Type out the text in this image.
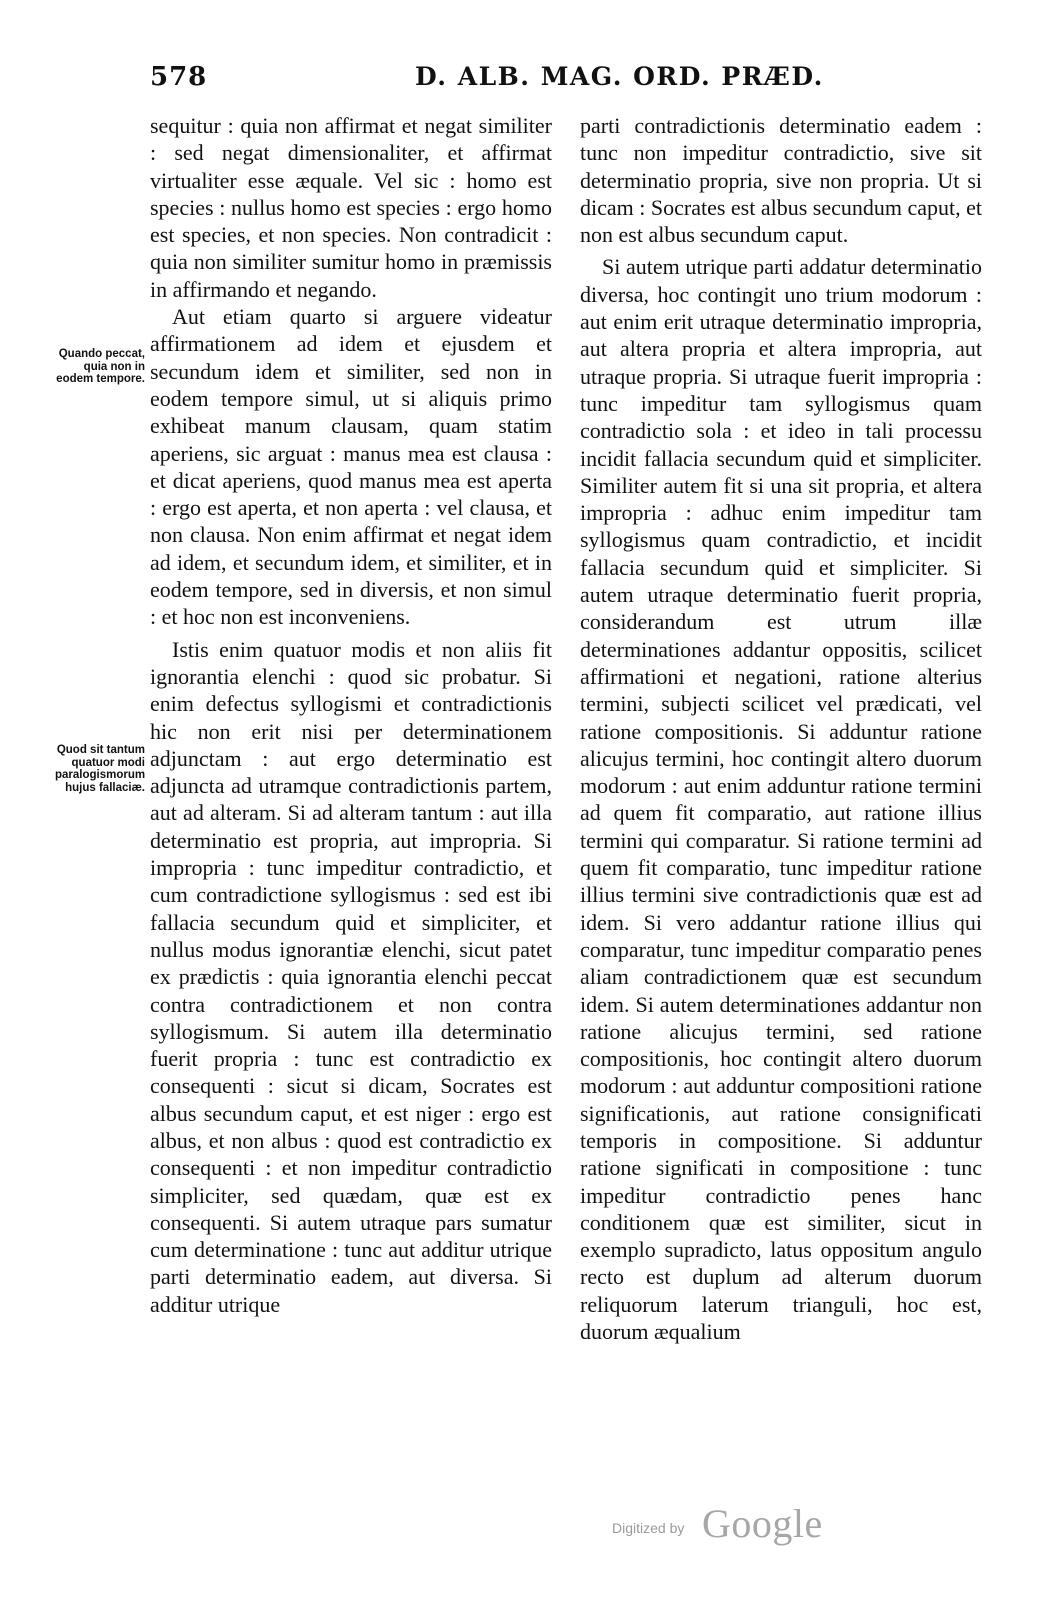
578	D. ALB. MAG. ORD. PRÆD.
Quando peccat, quia non in eodem tempore.
Quod sit tantum quatuor modi paralogismorum hujus fallaciæ.

sequitur : quia non affirmat et negat similiter : sed negat dimensionaliter, et affirmat virtualiter esse æquale. Vel sic : homo est species : nullus homo est species : ergo homo est species, et non species. Non contradicit : quia non similiter sumitur homo in præmissis in affirmando et negando.

Aut etiam quarto si arguere videatur affirmationem ad idem et ejusdem et secundum idem et similiter, sed non in eodem tempore simul, ut si aliquis primo exhibeat manum clausam, quam statim aperiens, sic arguat : manus mea est clausa : et dicat aperiens, quod manus mea est aperta : ergo est aperta, et non aperta : vel clausa, et non clausa. Non enim affirmat et negat idem ad idem, et secundum idem, et similiter, et in eodem tempore, sed in diversis, et non simul : et hoc non est inconveniens.

Istis enim quatuor modis et non aliis fit ignorantia elenchi : quod sic probatur. Si enim defectus syllogismi et contradictionis hic non erit nisi per determinationem adjunctam : aut ergo determinatio est adjuncta ad utramque contradictionis partem, aut ad alteram. Si ad alteram tantum : aut illa determinatio est propria, aut impropria. Si impropria : tunc impeditur contradictio, et cum contradictione syllogismus : sed est ibi fallacia secundum quid et simpliciter, et nullus modus ignorantiæ elenchi, sicut patet ex prædictis : quia ignorantia elenchi peccat contra contradictionem et non contra syllogismum. Si autem illa determinatio fuerit propria : tunc est contradictio ex consequenti : sicut si dicam, Socrates est albus secundum caput, et est niger : ergo est albus, et non albus : quod est contradictio ex consequenti : et non impeditur contradictio simpliciter, sed quædam, quæ est ex consequenti. Si autem utraque pars sumatur cum determinatione : tunc aut additur utrique parti determinatio eadem, aut diversa. Si additur utrique

parti contradictionis determinatio eadem : tunc non impeditur contradictio, sive sit determinatio propria, sive non propria. Ut si dicam : Socrates est albus secundum caput, et non est albus secundum caput.

Si autem utrique parti addatur determinatio diversa, hoc contingit uno trium modorum : aut enim erit utraque determinatio impropria, aut altera propria et altera impropria, aut utraque propria. Si utraque fuerit impropria : tunc impeditur tam syllogismus quam contradictio sola : et ideo in tali processu incidit fallacia secundum quid et simpliciter. Similiter autem fit si una sit propria, et altera impropria : adhuc enim impeditur tam syllogismus quam contradictio, et incidit fallacia secundum quid et simpliciter. Si autem utraque determinatio fuerit propria, considerandum est utrum illæ determinationes addantur oppositis, scilicet affirmationi et negationi, ratione alterius termini, subjecti scilicet vel prædicati, vel ratione compositionis. Si adduntur ratione alicujus termini, hoc contingit altero duorum modorum : aut enim adduntur ratione termini ad quem fit comparatio, aut ratione illius termini qui comparatur. Si ratione termini ad quem fit comparatio, tunc impeditur ratione illius termini sive contradictionis quæ est ad idem. Si vero addantur ratione illius qui comparatur, tunc impeditur comparatio penes aliam contradictionem quæ est secundum idem. Si autem determinationes addantur non ratione alicujus termini, sed ratione compositionis, hoc contingit altero duorum modorum : aut adduntur compositioni ratione significationis, aut ratione consignificati temporis in compositione. Si adduntur ratione significati in compositione : tunc impeditur contradictio penes hanc conditionem quæ est similiter, sicut in exemplo supradicto, latus oppositum angulo recto est duplum ad alterum duorum reliquorum laterum trianguli, hoc est, duorum æqualium

Digitized by Google
